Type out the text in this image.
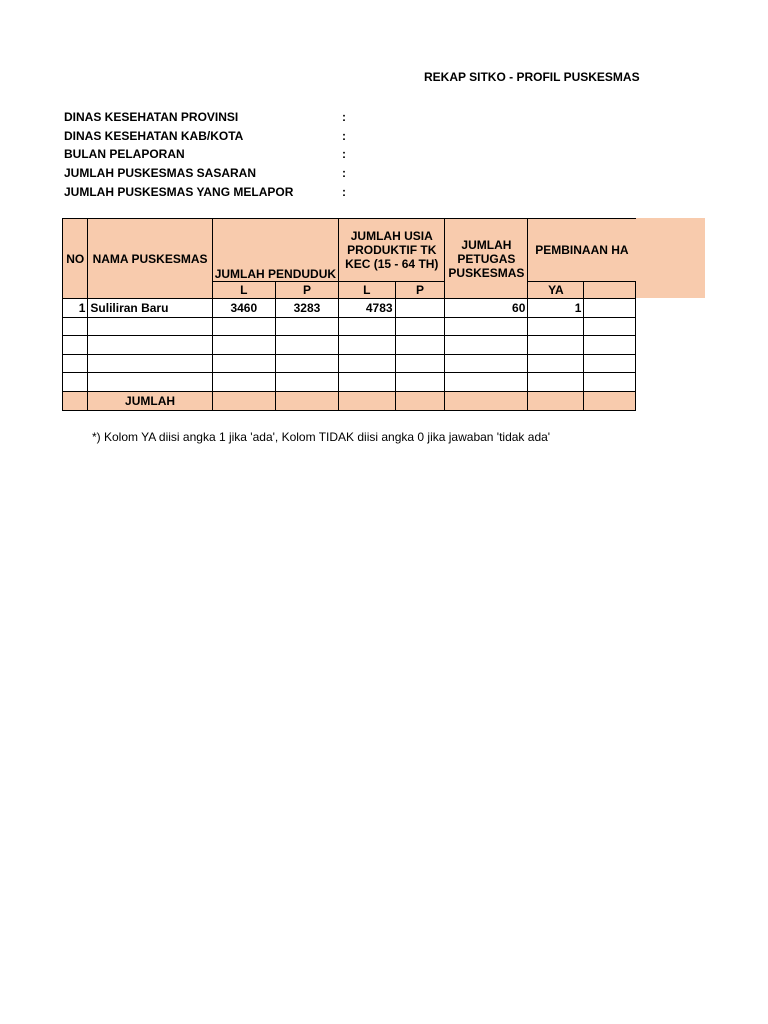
REKAP SITKO - PROFIL PUSKESMAS
DINAS KESEHATAN PROVINSI	:
DINAS KESEHATAN KAB/KOTA	:
BULAN PELAPORAN	:
JUMLAH PUSKESMAS SASARAN	:
JUMLAH PUSKESMAS YANG MELAPOR	:
NO	NAMA PUSKESMAS	JUMLAH PENDUDUK		JUMLAH USIA PRODUKTIF TK KEC (15 - 64 TH)		JUMLAH PETUGAS PUSKESMAS	PEMBINAAN HA	
		L	P	L	P		YA	
1	Suliliran Baru	3460	3283	4783		60	1	

	JUMLAH							
*) Kolom YA diisi angka 1 jika 'ada', Kolom TIDAK diisi angka 0 jika jawaban 'tidak ada'
